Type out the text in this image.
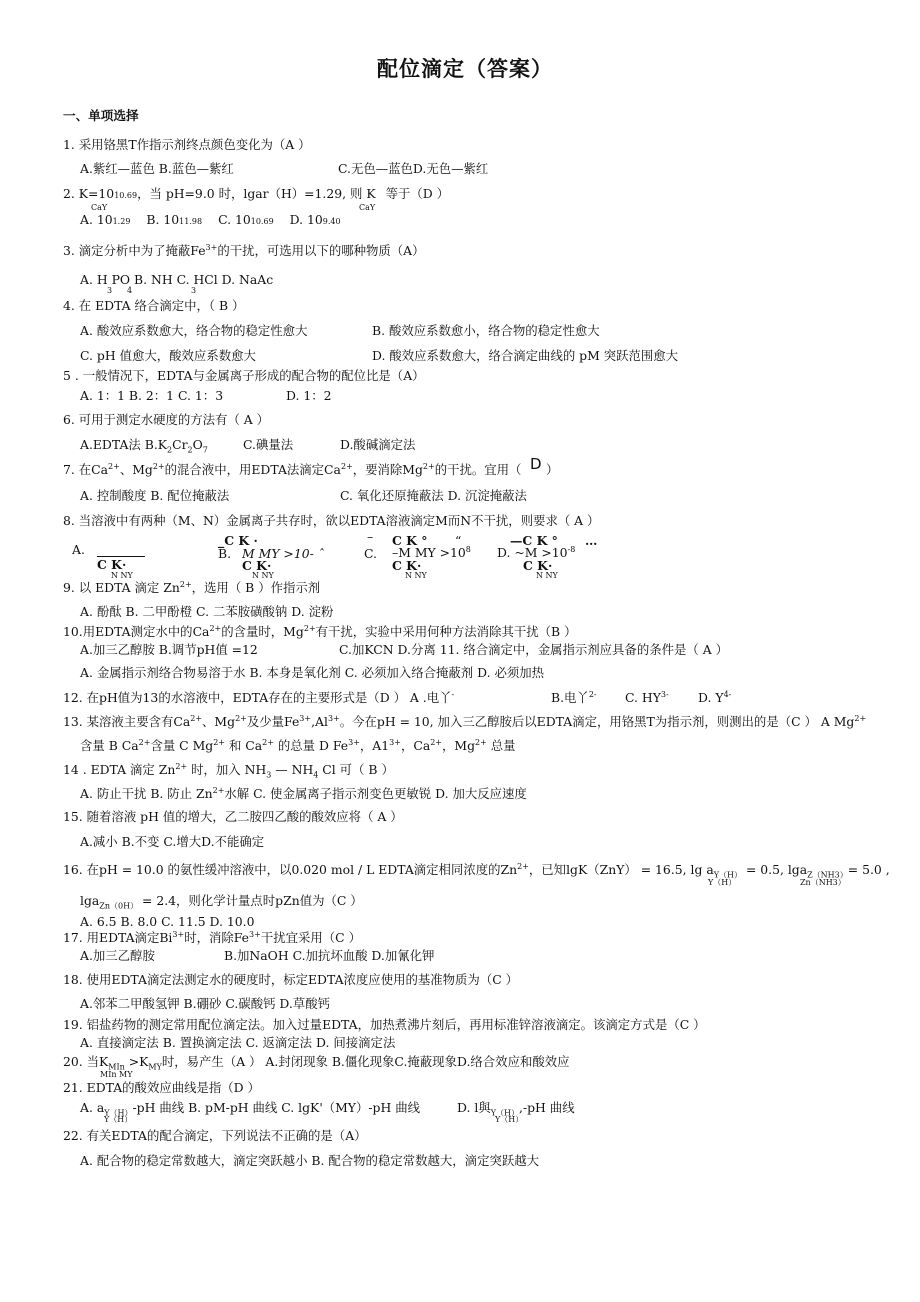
配位滴定（答案）
一、单项选择
1. 采用铬黑T作指示剂终点颜色变化为（A ）
A.紫红—蓝色 B.蓝色—紫红	C.无色—蓝色D.无色—紫红
2. K=1010.69，当 pH=9.0 时，lgar（H）=1.29, 则 K 等于（D ）
CaY	CaY
A. 101.29 B. 1011.98 C. 1010.69 D. 109.40
3. 滴定分析中为了掩蔽$Fe^{3+}$的干扰，可选用以下的哪种物质（A）
A. H PO B. NH C. HCl D. NaAc
3 4	3
4. 在 EDTA 络合滴定中，（ B ）
A. 酸效应系数愈大，络合物的稳定性愈大	B. 酸效应系数愈小，络合物的稳定性愈大
C. pH 值愈大，酸效应系数愈大	D. 酸效应系数愈大，络合滴定曲线的 pM 突跃范围愈大
5 . 一般情况下，EDTA与金属离子形成的配合物的配位比是（A）
A. 1：1 B. 2：1 C. 1：3	D. 1：2
6. 可用于测定水硬度的方法有（ A ）
A.EDTA法 $B.K_2Cr_2O_7$	C.碘量法	D.酸碱滴定法
7. 在$Ca^{2+}$、$Mg^{2+}$的混合液中，用EDTA法滴定$Ca^{2+}$，要消除$Mg^{2+}$的干扰。宜用（ D ）
A. 控制酸度 B. 配位掩蔽法	C. 氧化还原掩蔽法 D. 沉淀掩蔽法
8. 当溶液中有两种（M、N）金属离子共存时，欲以EDTA溶液滴定M而N不干扰，则要求（ A ）
A.
C K·
N NY
_C K ·
B. M MY >10- ˆ
C K·
N NY
– C K ° “
C. –M MY $>10^8$
C K·
N NY
—C K ° …
D. ~M $>10^{-8}$
C K·
N NY
9. 以 EDTA 滴定 $Zn^{2+}$，选用（ B ）作指示剂
A. 酚酞 B. 二甲酚橙 C. 二苯胺磺酸钠 D. 淀粉
10.用EDTA测定水中的$Ca^{2+}$的含量时，$Mg^{2+}$有干扰，实验中采用何种方法消除其干扰（B ）
A.加三乙醇胺 B.调节pH值 =12	C.加KCN D.分离 11. 络合滴定中，金属指示剂应具备的条件是（ A ）
A. 金属指示剂络合物易溶于水 B. 本身是氧化剂 C. 必须加入络合掩蔽剂 D. 必须加热
12. 在pH值为13的水溶液中，EDTA存在的主要形式是（D ） A .电丫-	B.电丫$^{2-}$ C. $HY^{3-}$ D. $Y^{4-}$
13. 某溶液主要含有$Ca^{2+}$、$Mg^{2+}$及少量$Fe^{3+},Al^{3+}$。今在pH = 10, 加入三乙醇胺后以EDTA滴定，用铬黑T为指示剂，则测出的是（C ） A $Mg^{2+}$
含量 B $Ca^{2+}$含量 C $Mg^{2+}$ 和 $Ca^{2+}$ 的总量 D $Fe^{3+}$，$A1^{3+}$，$Ca^{2+}$，$Mg^{2+}$ 总量
14 . EDTA 滴定 $Zn^{2+}$ 时，加入 $NH_3$ — $NH_4$ Cl 可（ B ）
A. 防止干扰 B. 防止 $Zn^{2+}$水解 C. 使金属离子指示剂变色更敏锐 D. 加大反应速度
15. 随着溶液 pH 值的增大，乙二胺四乙酸的酸效应将（ A ）
A.减小 B.不变 C.增大D.不能确定
16. 在pH = 10.0 的氨性缓冲溶液中，以0.020 mol / L EDTA滴定相同浓度的$Zn^{2+}$，已知lgK（ZnY） = 16.5, $\lg a_{Y(H)} = 0.5$, lga$_{Z(NH3)}$= 5.0 ,
Y（H）	Zn（NH3）
lga$_{Zn(0H)}$ = 2.4，则化学计量点时pZn值为（C ）
A. 6.5 B. 8.0 C. 11.5 D. 10.0
17. 用EDTA滴定$Bi^{3+}$时，消除$Fe^{3+}$干扰宜采用（C ）
A.加三乙醇胺	B.加NaOH C.加抗坏血酸 D.加氰化钾
18. 使用EDTA滴定法测定水的硬度时，标定EDTA浓度应使用的基准物质为（C ）
A.邻苯二甲酸氢钾 B.硼砂 C.碳酸钙 D.草酸钙
19. 铝盐药物的测定常用配位滴定法。加入过量EDTA，加热煮沸片刻后，再用标准锌溶液滴定。该滴定方式是（C ）
A. 直接滴定法 B. 置换滴定法 C. 返滴定法 D. 间接滴定法
20. 当$K_{MIn} >K_{MY}$时，易产生（A ） A.封闭现象 B.僵化现象C.掩蔽现象D.络合效应和酸效应
MIn MY
21. EDTA的酸效应曲线是指（D ）
A. $a_{Y(H)}-pH$ 曲线 B. pM-pH 曲线 C. lgK'（MY）-pH 曲线
Y（H）
D. l與$_{Y(H)}$,-pH 曲线
Y（H）
22. 有关EDTA的配合滴定，下列说法不正确的是（A）
A. 配合物的稳定常数越大，滴定突跃越小 B. 配合物的稳定常数越大，滴定突跃越大
